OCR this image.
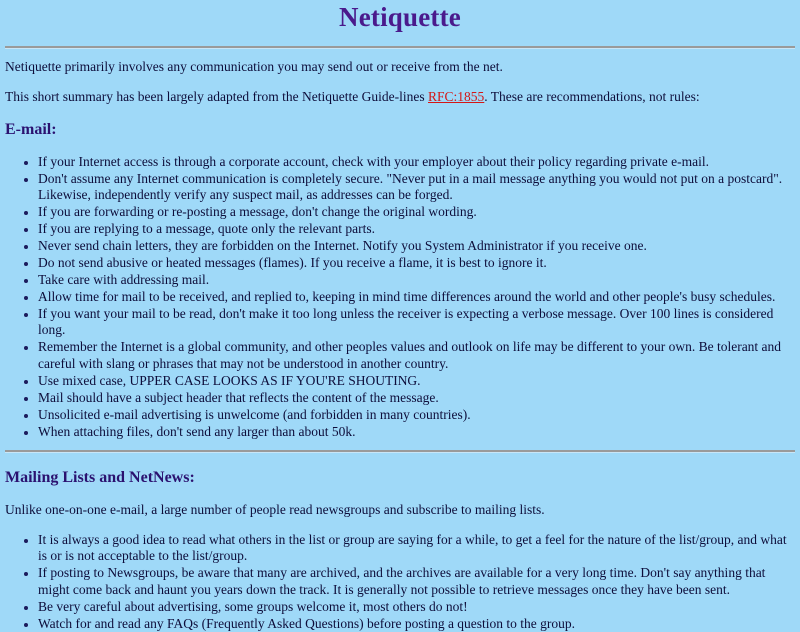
Netiquette

Netiquette primarily involves any communication you may send out or receive from the net.

This short summary has been largely adapted from the Netiquette Guide-lines RFC:1855. These are recommendations, not rules:

E-mail:
• If your Internet access is through a corporate account, check with your employer about their policy regarding private e-mail.
• Don't assume any Internet communication is completely secure. "Never put in a mail message anything you would not put on a postcard". Likewise, independently verify any suspect mail, as addresses can be forged.
• If you are forwarding or re-posting a message, don't change the original wording.
• If you are replying to a message, quote only the relevant parts.
• Never send chain letters, they are forbidden on the Internet. Notify you System Administrator if you receive one.
• Do not send abusive or heated messages (flames). If you receive a flame, it is best to ignore it.
• Take care with addressing mail.
• Allow time for mail to be received, and replied to, keeping in mind time differences around the world and other people's busy schedules.
• If you want your mail to be read, don't make it too long unless the receiver is expecting a verbose message. Over 100 lines is considered long.
• Remember the Internet is a global community, and other peoples values and outlook on life may be different to your own. Be tolerant and careful with slang or phrases that may not be understood in another country.
• Use mixed case, UPPER CASE LOOKS AS IF YOU'RE SHOUTING.
• Mail should have a subject header that reflects the content of the message.
• Unsolicited e-mail advertising is unwelcome (and forbidden in many countries).
• When attaching files, don't send any larger than about 50k.
Mailing Lists and NetNews:

Unlike one-on-one e-mail, a large number of people read newsgroups and subscribe to mailing lists.

• It is always a good idea to read what others in the list or group are saying for a while, to get a feel for the nature of the list/group, and what is or is not acceptable to the list/group.
• If posting to Newsgroups, be aware that many are archived, and the archives are available for a very long time. Don't say anything that might come back and haunt you years down the track. It is generally not possible to retrieve messages once they have been sent.
• Be very careful about advertising, some groups welcome it, most others do not!
• Watch for and read any FAQs (Frequently Asked Questions) before posting a question to the group.
